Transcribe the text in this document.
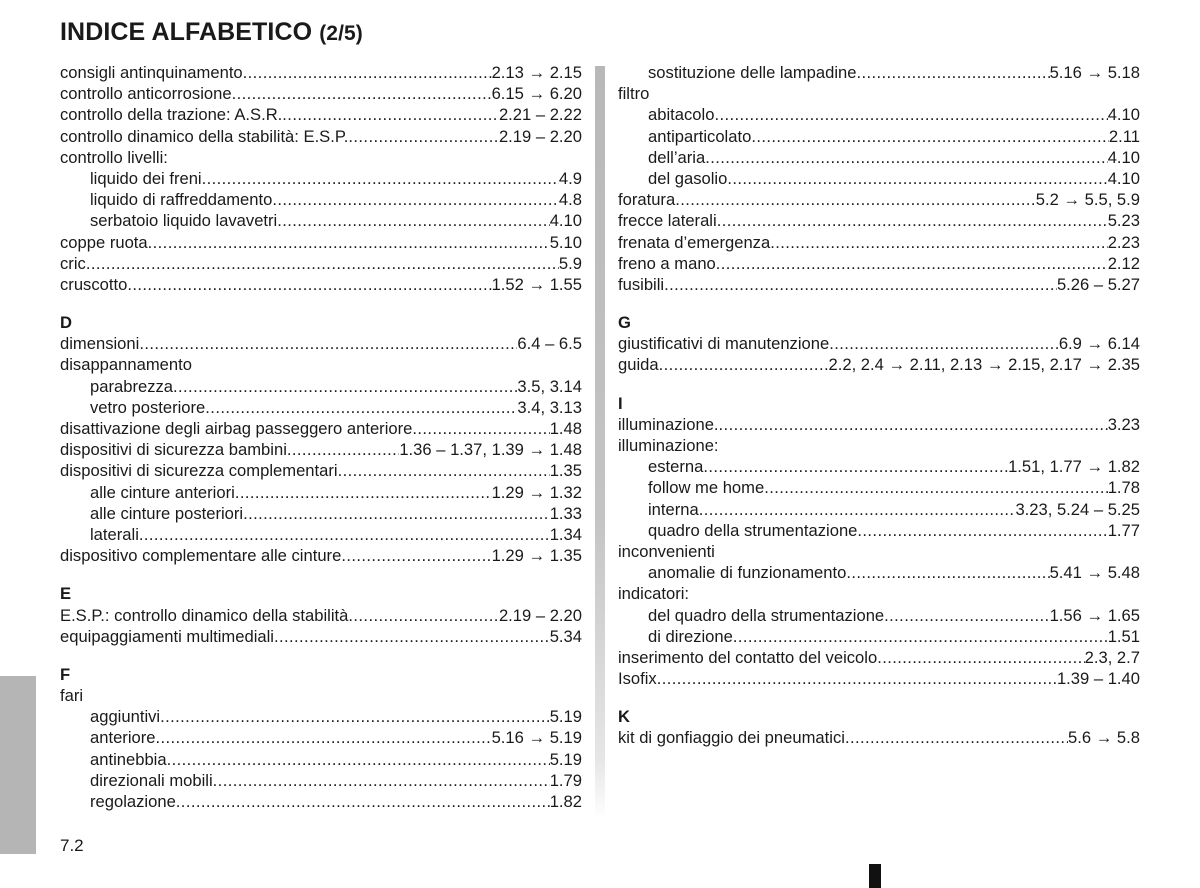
INDICE ALFABETICO (2/5)
consigli antinquinamento .....	2.13 → 2.15
controllo anticorrosione .....	6.15 → 6.20
controllo della trazione: A.S.R. .....	2.21 – 2.22
controllo dinamico della stabilità: E.S.P. .....	2.19 – 2.20
controllo livelli:
liquido dei freni .....	4.9
liquido di raffreddamento .....	4.8
serbatoio liquido lavavetri .....	4.10
coppe ruota .....	5.10
cric .....	5.9
cruscotto .....	1.52 → 1.55
D
dimensioni .....	6.4 – 6.5
disappannamento
parabrezza .....	3.5, 3.14
vetro posteriore .....	3.4, 3.13
disattivazione degli airbag passeggero anteriore .....	1.48
dispositivi di sicurezza bambini .....	1.36 – 1.37, 1.39 → 1.48
dispositivi di sicurezza complementari .....	1.35
alle cinture anteriori .....	1.29 → 1.32
alle cinture posteriori .....	1.33
laterali .....	1.34
dispositivo complementare alle cinture .....	1.29 → 1.35
E
E.S.P.: controllo dinamico della stabilità .....	2.19 – 2.20
equipaggiamenti multimediali .....	5.34
F
fari
aggiuntivi .....	5.19
anteriore .....	5.16 → 5.19
antinebbia .....	5.19
direzionali mobili .....	1.79
regolazione .....	1.82
sostituzione delle lampadine .....	5.16 → 5.18
filtro
abitacolo .....	4.10
antiparticolato .....	2.11
dell’aria .....	4.10
del gasolio .....	4.10
foratura .....	5.2 → 5.5, 5.9
frecce laterali .....	5.23
frenata d’emergenza .....	2.23
freno a mano .....	2.12
fusibili .....	5.26 – 5.27
G
giustificativi di manutenzione .....	6.9 → 6.14
guida .....	2.2, 2.4 → 2.11, 2.13 → 2.15, 2.17 → 2.35
I
illuminazione. .....	3.23
illuminazione:
esterna .....	1.51, 1.77 → 1.82
follow me home .....	1.78
interna .....	3.23, 5.24 – 5.25
quadro della strumentazione .....	1.77
inconvenienti
anomalie di funzionamento .....	5.41 → 5.48
indicatori:
del quadro della strumentazione .....	1.56 → 1.65
di direzione .....	1.51
inserimento del contatto del veicolo .....	2.3, 2.7
Isofix .....	1.39 – 1.40
K
kit di gonfiaggio dei pneumatici .....	5.6 → 5.8
7.2
